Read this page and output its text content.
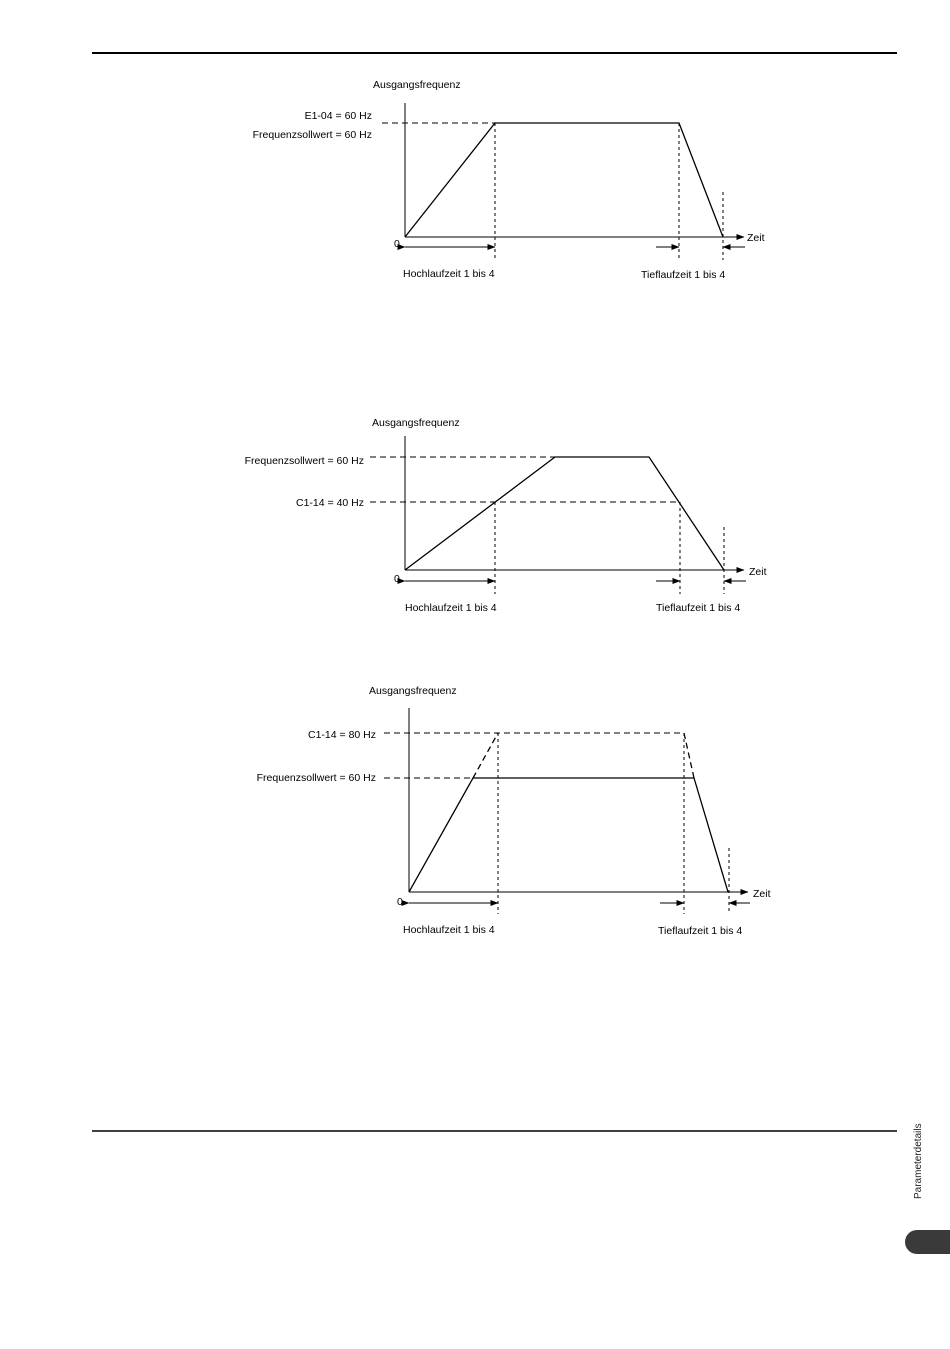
Ausgangsfrequenz
Zeit
0
E1-04 = 60 Hz
Frequenzsollwert = 60 Hz
Hochlaufzeit 1 bis 4	Tieflaufzeit 1 bis 4
Ausgangsfrequenz
Zeit
0
Frequenzsollwert = 60 Hz
C1-14 = 40 Hz
Hochlaufzeit 1 bis 4	Tieflaufzeit 1 bis 4
Ausgangsfrequenz
Zeit
0
C1-14 = 80 Hz
Frequenzsollwert = 60 Hz
Hochlaufzeit 1 bis 4	Tieflaufzeit 1 bis 4
Parameterdetails
